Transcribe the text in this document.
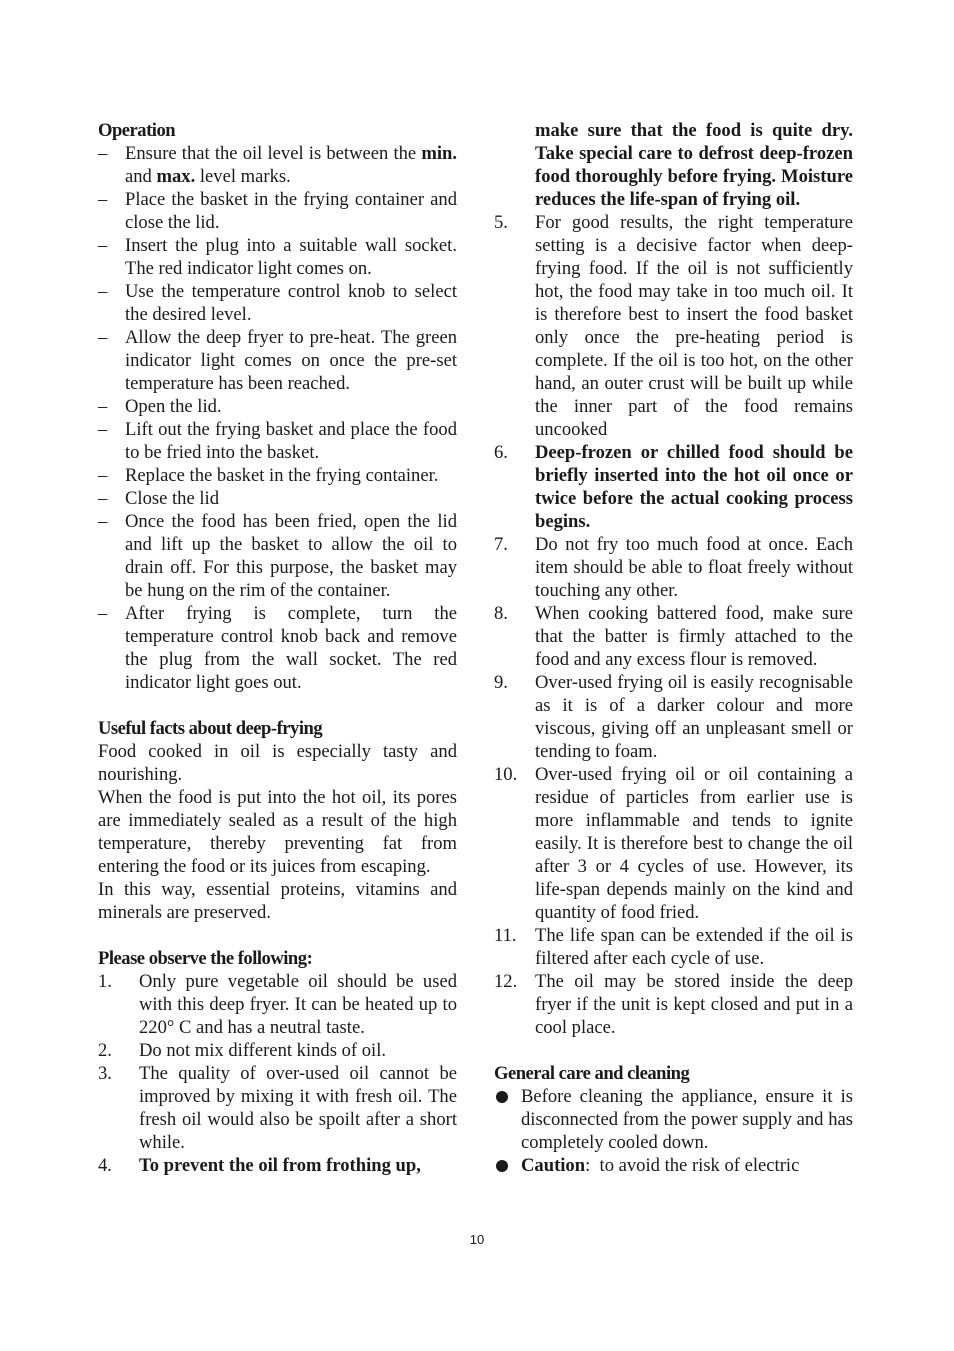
Operation
– Ensure that the oil level is between the min. and max. level marks.
– Place the basket in the frying container and close the lid.
– Insert the plug into a suitable wall socket. The red indicator light comes on.
– Use the temperature control knob to select the desired level.
– Allow the deep fryer to pre-heat. The green indicator light comes on once the pre-set temperature has been reached.
– Open the lid.
– Lift out the frying basket and place the food to be fried into the basket.
– Replace the basket in the frying container.
– Close the lid
– Once the food has been fried, open the lid and lift up the basket to allow the oil to drain off. For this purpose, the basket may be hung on the rim of the container.
– After frying is complete, turn the temperature control knob back and remove the plug from the wall socket. The red indicator light goes out.
Useful facts about deep-frying
Food cooked in oil is especially tasty and nourishing.
When the food is put into the hot oil, its pores are immediately sealed as a result of the high temperature, thereby preventing fat from entering the food or its juices from escaping.
In this way, essential proteins, vitamins and minerals are preserved.
Please observe the following:
1. Only pure vegetable oil should be used with this deep fryer. It can be heated up to 220° C and has a neutral taste.
2. Do not mix different kinds of oil.
3. The quality of over-used oil cannot be improved by mixing it with fresh oil. The fresh oil would also be spoilt after a short while.
4. To prevent the oil from frothing up,
make sure that the food is quite dry. Take special care to defrost deep-frozen food thoroughly before frying. Moisture reduces the life-span of frying oil.
5. For good results, the right temperature setting is a decisive factor when deep-frying food. If the oil is not sufficiently hot, the food may take in too much oil. It is therefore best to insert the food basket only once the pre-heating period is complete. If the oil is too hot, on the other hand, an outer crust will be built up while the inner part of the food remains uncooked
6. Deep-frozen or chilled food should be briefly inserted into the hot oil once or twice before the actual cooking process begins.
7. Do not fry too much food at once. Each item should be able to float freely without touching any other.
8. When cooking battered food, make sure that the batter is firmly attached to the food and any excess flour is removed.
9. Over-used frying oil is easily recognisable as it is of a darker colour and more viscous, giving off an unpleasant smell or tending to foam.
10. Over-used frying oil or oil containing a residue of particles from earlier use is more inflammable and tends to ignite easily. It is therefore best to change the oil after 3 or 4 cycles of use. However, its life-span depends mainly on the kind and quantity of food fried.
11. The life span can be extended if the oil is filtered after each cycle of use.
12. The oil may be stored inside the deep fryer if the unit is kept closed and put in a cool place.
General care and cleaning
Before cleaning the appliance, ensure it is disconnected from the power supply and has completely cooled down.
Caution:  to avoid the risk of electric
10
